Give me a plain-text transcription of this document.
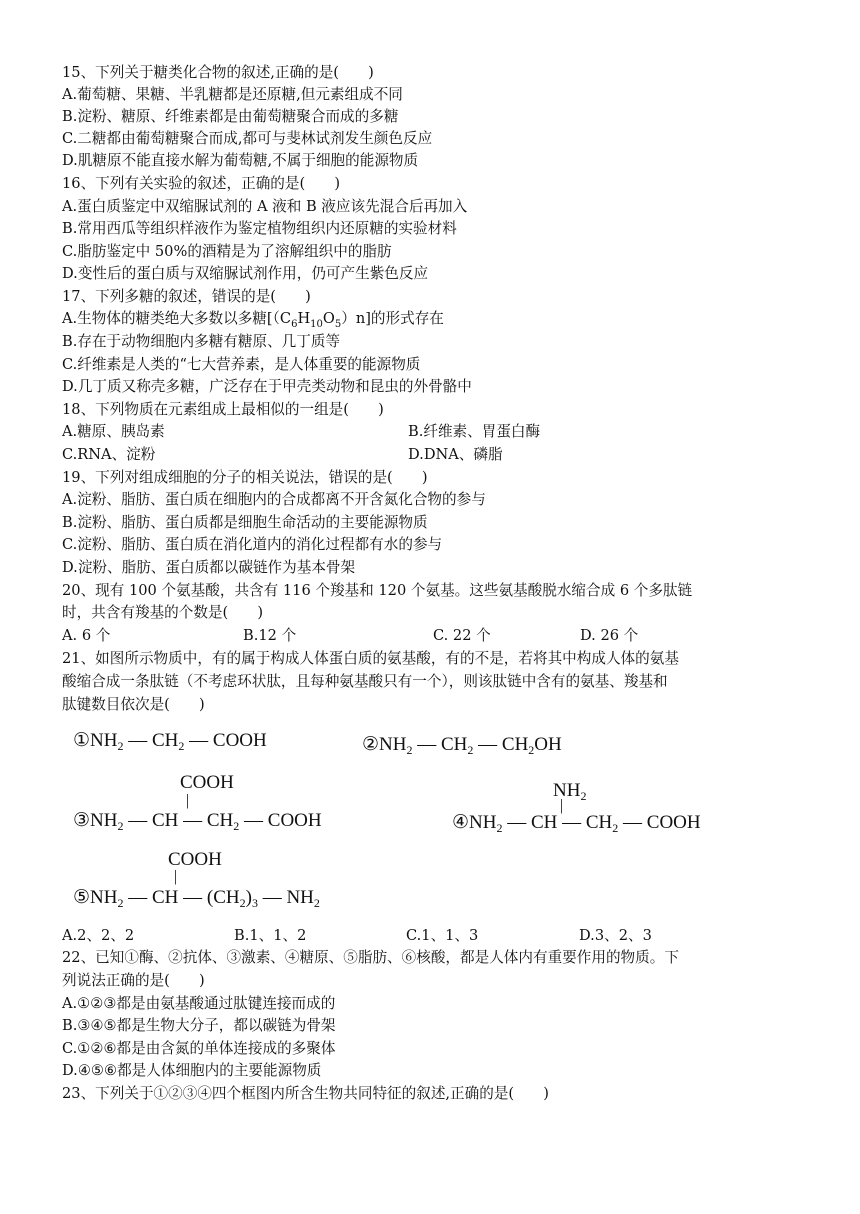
15、下列关于糖类化合物的叙述,正确的是(　　)
A.葡萄糖、果糖、半乳糖都是还原糖,但元素组成不同
B.淀粉、糖原、纤维素都是由葡萄糖聚合而成的多糖
C.二糖都由葡萄糖聚合而成,都可与斐林试剂发生颜色反应
D.肌糖原不能直接水解为葡萄糖,不属于细胞的能源物质
16、下列有关实验的叙述，正确的是(　　)
A.蛋白质鉴定中双缩脲试剂的 A 液和 B 液应该先混合后再加入
B.常用西瓜等组织样液作为鉴定植物组织内还原糖的实验材料
C.脂肪鉴定中 50%的酒精是为了溶解组织中的脂肪
D.变性后的蛋白质与双缩脲试剂作用，仍可产生紫色反应
17、下列多糖的叙述，错误的是(　　)
A.生物体的糖类绝大多数以多糖$[(C_6H_{10}O_5)n]$的形式存在
B.存在于动物细胞内多糖有糖原、几丁质等
C.纤维素是人类的“七大营养素，是人体重要的能源物质
D.几丁质又称壳多糖，广泛存在于甲壳类动物和昆虫的外骨骼中
18、下列物质在元素组成上最相似的一组是(　　)
A.糖原、胰岛素	B.纤维素、胃蛋白酶
C.RNA、淀粉	D.DNA、磷脂
19、下列对组成细胞的分子的相关说法，错误的是(　　)
A.淀粉、脂肪、蛋白质在细胞内的合成都离不开含氮化合物的参与
B.淀粉、脂肪、蛋白质都是细胞生命活动的主要能源物质
C.淀粉、脂肪、蛋白质在消化道内的消化过程都有水的参与
D.淀粉、脂肪、蛋白质都以碳链作为基本骨架
20、现有 100 个氨基酸，共含有 116 个羧基和 120 个氨基。这些氨基酸脱水缩合成 6 个多肽链
时，共含有羧基的个数是(　　)
A. 6 个	B.12 个	C. 22 个	D. 26 个
21、如图所示物质中，有的属于构成人体蛋白质的氨基酸，有的不是，若将其中构成人体的氨基
酸缩合成一条肽链（不考虑环状肽，且每种氨基酸只有一个），则该肽链中含有的氨基、羧基和
肽键数目依次是(　　)
$①NH_2$ — $CH_2$ — COOH	$②NH_2$ — $CH_2$ — $CH_2OH$
COOH
|
$③NH_2$ — CH — $CH_2$ — COOH
$NH_2$
|
$④NH_2$ — CH — $CH_2$ — COOH
COOH
|
$⑤NH_2$ — CH — $(CH_2)_3$ — $NH_2$
A.2、2、2	B.1、1、2	C.1、1、3	D.3、2、3
22、已知①酶、②抗体、③激素、④糖原、⑤脂肪、⑥核酸，都是人体内有重要作用的物质。下
列说法正确的是(　　)
A.①②③都是由氨基酸通过肽键连接而成的
B.③④⑤都是生物大分子，都以碳链为骨架
C.①②⑥都是由含氮的单体连接成的多聚体
D.④⑤⑥都是人体细胞内的主要能源物质
23、下列关于①②③④四个框图内所含生物共同特征的叙述,正确的是(　　)
